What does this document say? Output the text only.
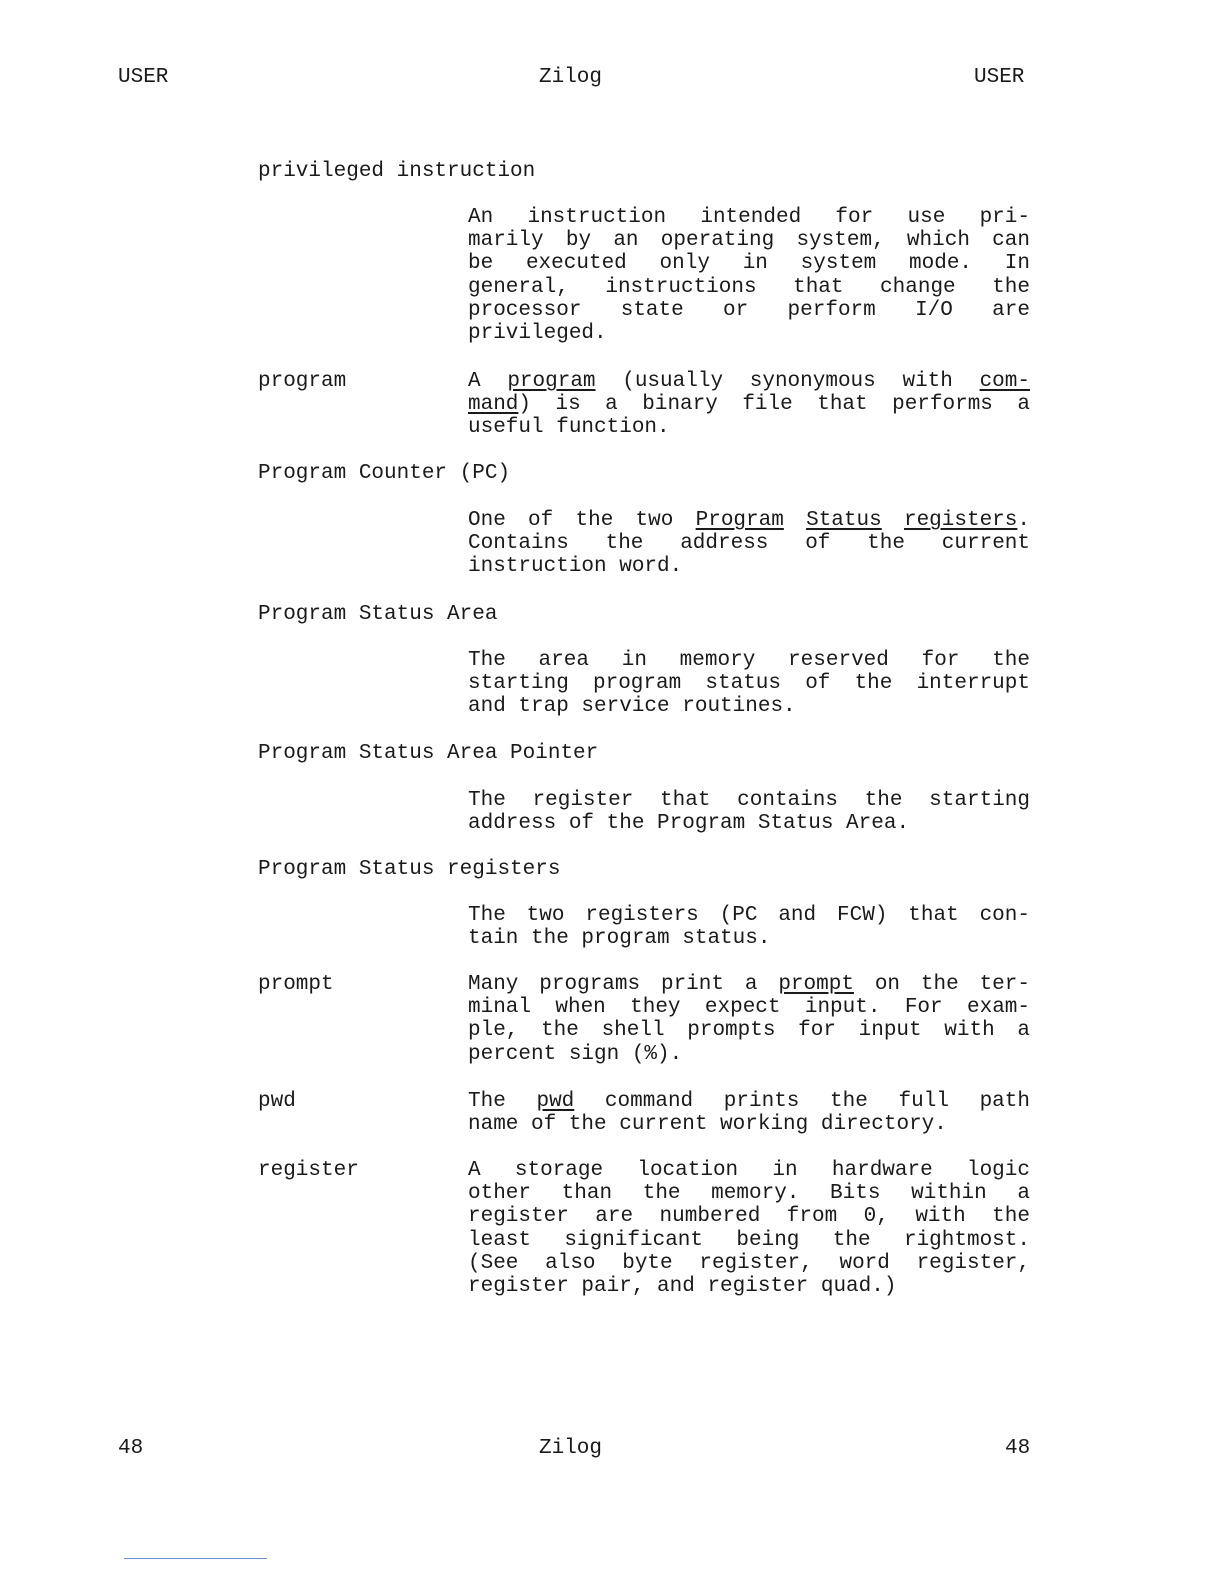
USER	Zilog	USER
privileged instruction
An instruction intended for use pri-
marily by an operating system, which can
be executed only in system mode. In
general, instructions that change the
processor state or perform I/O are
privileged.
program	A program (usually synonymous with com-
mand) is a binary file that performs a
useful function.
Program Counter (PC)
One of the two Program Status registers.
Contains the address of the current
instruction word.
Program Status Area
The area in memory reserved for the
starting program status of the interrupt
and trap service routines.
Program Status Area Pointer
The register that contains the starting
address of the Program Status Area.
Program Status registers
The two registers (PC and FCW) that con-
tain the program status.
prompt	Many programs print a prompt on the ter-
minal when they expect input. For exam-
ple, the shell prompts for input with a
percent sign (%).
pwd	The pwd command prints the full path
name of the current working directory.
register	A storage location in hardware logic
other than the memory. Bits within a
register are numbered from 0, with the
least significant being the rightmost.
(See also byte register, word register,
register pair, and register quad.)
48	Zilog	48
